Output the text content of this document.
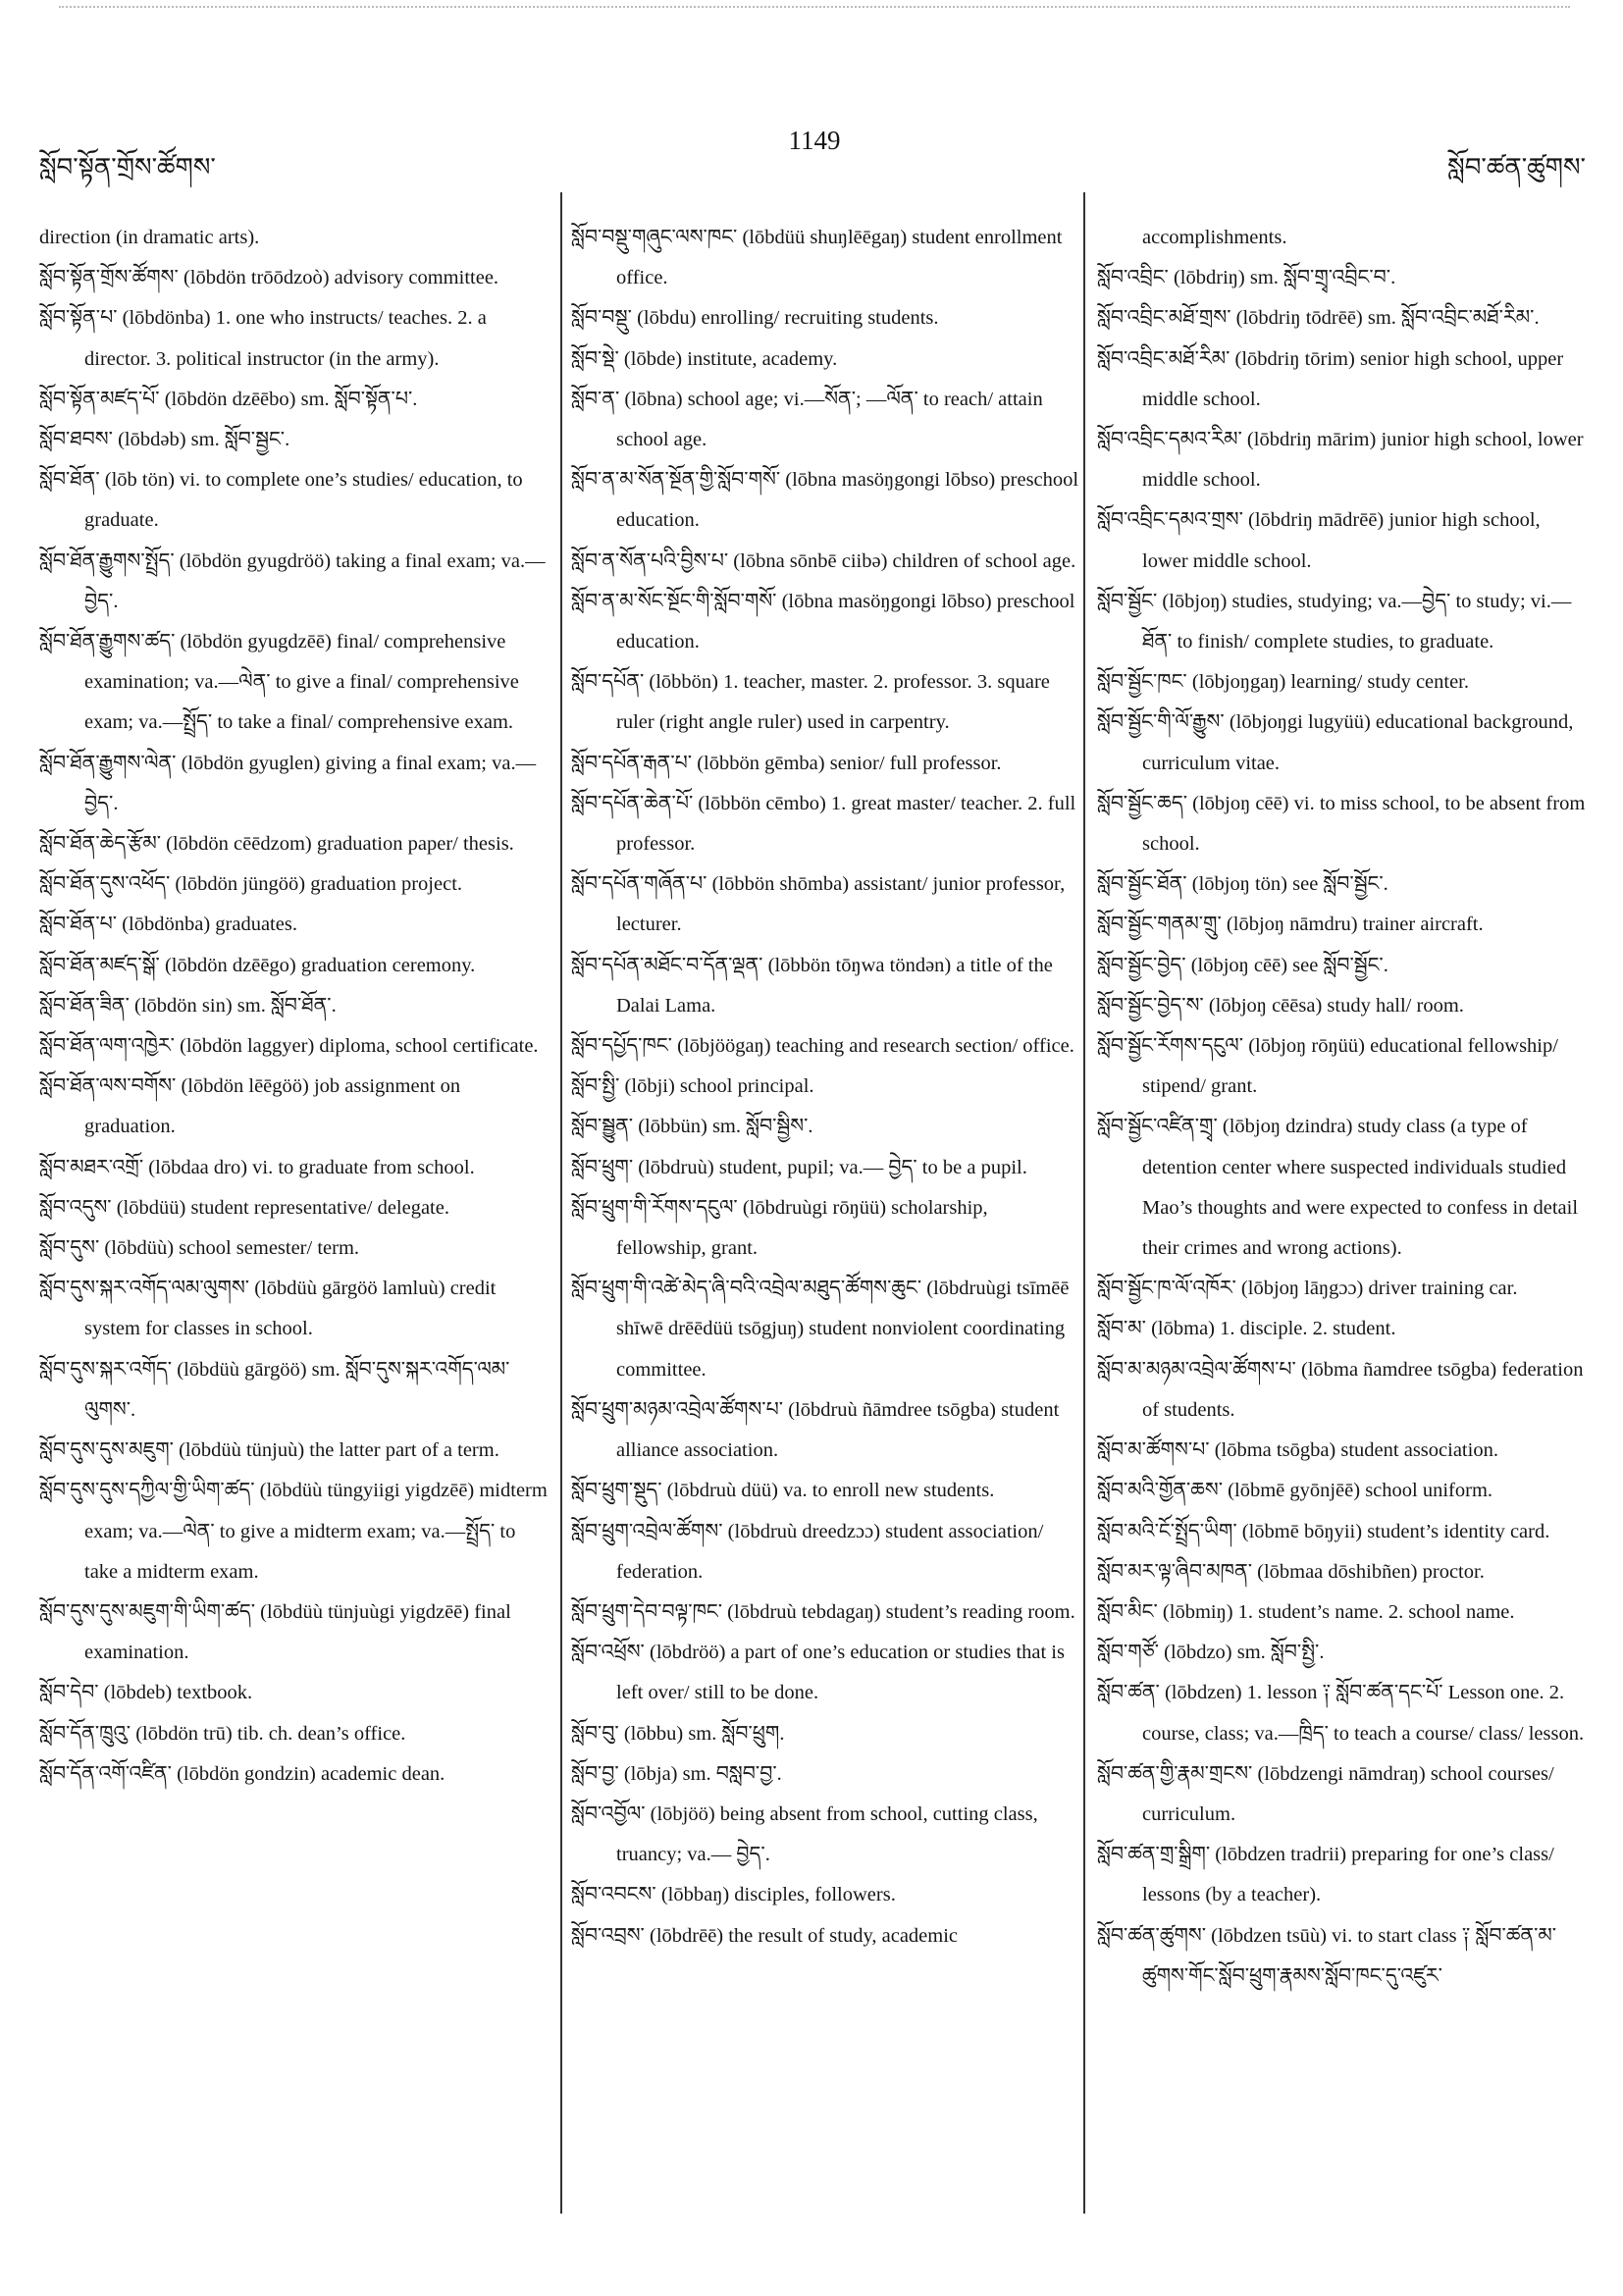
སློབ་སྟོན་གྲོས་ཚོགས་
1149
སློབ་ཚན་ཚུགས་

direction (in dramatic arts).

སློབ་སྟོན་གྲོས་ཚོགས་ (lōbdön trōōdzoò) advisory committee.

སློབ་སྟོན་པ་ (lōbdönba) 1. one who instructs/ teaches. 2. a director. 3. political instructor (in the army).

སློབ་སྟོན་མཛད་པོ་ (lōbdön dzēēbo) sm. སློབ་སྟོན་པ་.

སློབ་ཐབས་ (lōbdəb) sm. སློབ་སྦྱང་.

སློབ་ཐོན་ (lōb tön) vi. to complete one’s studies/ education, to graduate.

སློབ་ཐོན་རྒྱུགས་སྤྲོད་ (lōbdön gyugdröö) taking a final exam; va.—བྱེད་.

སློབ་ཐོན་རྒྱུགས་ཚད་ (lōbdön gyugdzēē) final/ comprehensive examination; va.—ལེན་ to give a final/ comprehensive exam; va.—སྤྲོད་ to take a final/ comprehensive exam.

སློབ་ཐོན་རྒྱུགས་ལེན་ (lōbdön gyuglen) giving a final exam; va.—བྱེད་.

སློབ་ཐོན་ཆེད་རྩོམ་ (lōbdön cēēdzom) graduation paper/ thesis.

སློབ་ཐོན་དུས་འཕོད་ (lōbdön jüngöö) graduation project.

སློབ་ཐོན་པ་ (lōbdönba) graduates.

སློབ་ཐོན་མཛད་སྒོ་ (lōbdön dzēēgo) graduation ceremony.

སློབ་ཐོན་ཟིན་ (lōbdön sin) sm. སློབ་ཐོན་.

སློབ་ཐོན་ལག་འཁྱེར་ (lōbdön laggyer) diploma, school certificate.

སློབ་ཐོན་ལས་བགོས་ (lōbdön lēēgöö) job assignment on graduation.

སློབ་མཐར་འགྲོ་ (lōbdaa dro) vi. to graduate from school.

སློབ་འདུས་ (lōbdüü) student representative/ delegate.

སློབ་དུས་ (lōbdüù) school semester/ term.

སློབ་དུས་སྐར་འགོད་ལམ་ལུགས་ (lōbdüù gārgöö lamluù) credit system for classes in school.

སློབ་དུས་སྐར་འགོད་ (lōbdüù gārgöö) sm. སློབ་དུས་སྐར་འགོད་ལམ་ལུགས་.

སློབ་དུས་དུས་མཇུག་ (lōbdüù tünjuù) the latter part of a term.

སློབ་དུས་དུས་དཀྱིལ་གྱི་ཡིག་ཚད་ (lōbdüù tüngyiigi yigdzēē) midterm exam; va.—ལེན་ to give a midterm exam; va.—སྤྲོད་ to take a midterm exam.

སློབ་དུས་དུས་མཇུག་གི་ཡིག་ཚད་ (lōbdüù tünjuùgi yigdzēē) final examination.

སློབ་དེབ་ (lōbdeb) textbook.

སློབ་དོན་ཁྲུའུ་ (lōbdön trū) tib. ch. dean’s office.

སློབ་དོན་འགོ་འཛིན་ (lōbdön gondzin) academic dean.

སློབ་བསྡུ་གཞུང་ལས་ཁང་ (lōbdüü shuŋlēēgaŋ) student enrollment office.

སློབ་བསྡུ་ (lōbdu) enrolling/ recruiting students.

སློབ་སྡེ་ (lōbde) institute, academy.

སློབ་ན་ (lōbna) school age; vi.—སོན་; —ལོན་ to reach/ attain school age.

སློབ་ན་མ་སོན་སྔོན་གྱི་སློབ་གསོ་ (lōbna masöŋgongi lōbso) preschool education.

སློབ་ན་སོན་པའི་བྱིས་པ་ (lōbna sōnbē ciibə) children of school age.

སློབ་ན་མ་སོང་སྔོང་གི་སློབ་གསོ་ (lōbna masöŋgongi lōbso) preschool education.

སློབ་དཔོན་ (lōbbön) 1. teacher, master. 2. professor. 3. square ruler (right angle ruler) used in carpentry.

སློབ་དཔོན་རྒན་པ་ (lōbbön gēmba) senior/ full professor.

སློབ་དཔོན་ཆེན་པོ་ (lōbbön cēmbo) 1. great master/ teacher. 2. full professor.

སློབ་དཔོན་གཞོན་པ་ (lōbbön shōmba) assistant/ junior professor, lecturer.

སློབ་དཔོན་མཐོང་བ་དོན་ལྡན་ (lōbbön tōŋwa töndən) a title of the Dalai Lama.

སློབ་དཔྱོད་ཁང་ (lōbjöögaŋ) teaching and research section/ office.

སློབ་སྤྱི་ (lōbji) school principal.

སློབ་སྦྱུན་ (lōbbün) sm. སློབ་སྦྱིས་.

སློབ་ཕྲུག་ (lōbdruù) student, pupil; va.— བྱེད་ to be a pupil.

སློབ་ཕྲུག་གི་རོགས་དངུལ་ (lōbdruùgi rōŋüü) scholarship, fellowship, grant.

སློབ་ཕྲུག་གི་འཚེ་མེད་ཞི་བའི་འབྲེལ་མཐུད་ཚོགས་ཆུང་ (lōbdruùgi tsīmēē shīwē drēēdüü tsōgjuŋ) student nonviolent coordinating committee.

སློབ་ཕྲུག་མཉམ་འབྲེལ་ཚོགས་པ་ (lōbdruù ñāmdree tsōgba) student alliance association.

སློབ་ཕྲུག་སྡུད་ (lōbdruù düü) va. to enroll new students.

སློབ་ཕྲུག་འབྲེལ་ཚོགས་ (lōbdruù dreedzɔɔ) student association/ federation.

སློབ་ཕྲུག་དེབ་བལྟ་ཁང་ (lōbdruù tebdagaŋ) student’s reading room.

སློབ་འཕྲོས་ (lōbdröö) a part of one’s education or studies that is left over/ still to be done.

སློབ་བུ་ (lōbbu) sm. སློབ་ཕྲུག.

སློབ་བྱ་ (lōbja) sm. བསླབ་བྱ་.

སློབ་འབྱོལ་ (lōbjöö) being absent from school, cutting class, truancy; va.— བྱེད་.

སློབ་འབངས་ (lōbbaŋ) disciples, followers.

སློབ་འབྲས་ (lōbdrēē) the result of study, academic

accomplishments.

སློབ་འབྲིང་ (lōbdriŋ) sm. སློབ་གྲྭ་འབྲིང་བ་.

སློབ་འབྲིང་མཐོ་གྲས་ (lōbdriŋ tōdrēē) sm. སློབ་འབྲིང་མཐོ་རིམ་.

སློབ་འབྲིང་མཐོ་རིམ་ (lōbdriŋ tōrim) senior high school, upper middle school.

སློབ་འབྲིང་དམའ་རིམ་ (lōbdriŋ mārim) junior high school, lower middle school.

སློབ་འབྲིང་དམའ་གྲས་ (lōbdriŋ mādrēē) junior high school, lower middle school.

སློབ་སྦྱོང་ (lōbjoŋ) studies, studying; va.—བྱེད་ to study; vi.—ཐོན་ to finish/ complete studies, to graduate.

སློབ་སྦྱོང་ཁང་ (lōbjoŋgaŋ) learning/ study center.

སློབ་སྦྱོང་གི་ལོ་རྒྱུས་ (lōbjoŋgi lugyüü) educational background, curriculum vitae.

སློབ་སྦྱོང་ཆད་ (lōbjoŋ cēē) vi. to miss school, to be absent from school.

སློབ་སྦྱོང་ཐོན་ (lōbjoŋ tön) see སློབ་སྦྱོང་.

སློབ་སྦྱོང་གནམ་གྲུ་ (lōbjoŋ nāmdru) trainer aircraft.

སློབ་སྦྱོང་བྱེད་ (lōbjoŋ cēē) see སློབ་སྦྱོང་.

སློབ་སྦྱོང་བྱེད་ས་ (lōbjoŋ cēēsa) study hall/ room.

སློབ་སྦྱོང་རོགས་དངུལ་ (lōbjoŋ rōŋüü) educational fellowship/ stipend/ grant.

སློབ་སྦྱོང་འཛིན་གྲྭ་ (lōbjoŋ dzindra) study class (a type of detention center where suspected individuals studied Mao’s thoughts and were expected to confess in detail their crimes and wrong actions).

སློབ་སྦྱོང་ཁ་ལོ་འཁོར་ (lōbjoŋ lāŋgɔɔ) driver training car.

སློབ་མ་ (lōbma) 1. disciple. 2. student.

སློབ་མ་མཉམ་འབྲེལ་ཚོགས་པ་ (lōbma ñamdree tsōgba) federation of students.

སློབ་མ་ཚོགས་པ་ (lōbma tsōgba) student association.

སློབ་མའི་གྱོན་ཆས་ (lōbmē gyōnjēē) school uniform.

སློབ་མའི་ངོ་སྤྲོད་ཡིག་ (lōbmē bōŋyii) student’s identity card.

སློབ་མར་ལྟ་ཞིབ་མཁན་ (lōbmaa dōshibñen) proctor.

སློབ་མིང་ (lōbmiŋ) 1. student’s name. 2. school name.

སློབ་གཙོ་ (lōbdzo) sm. སློབ་སྤྱི་.

སློབ་ཚན་ (lōbdzen) 1. lesson ༑ སློབ་ཚན་དང་པོ་ Lesson one. 2. course, class; va.—ཁྲིད་ to teach a course/ class/ lesson.

སློབ་ཚན་གྱི་རྣམ་གྲངས་ (lōbdzengi nāmdraŋ) school courses/ curriculum.

སློབ་ཚན་གྲ་སྒྲིག་ (lōbdzen tradrii) preparing for one’s class/ lessons (by a teacher).

སློབ་ཚན་ཚུགས་ (lōbdzen tsūù) vi. to start class ༑ སློབ་ཚན་མ་ཚུགས་གོང་སློབ་ཕྲུག་རྣམས་སློབ་ཁང་དུ་འཛུར་
